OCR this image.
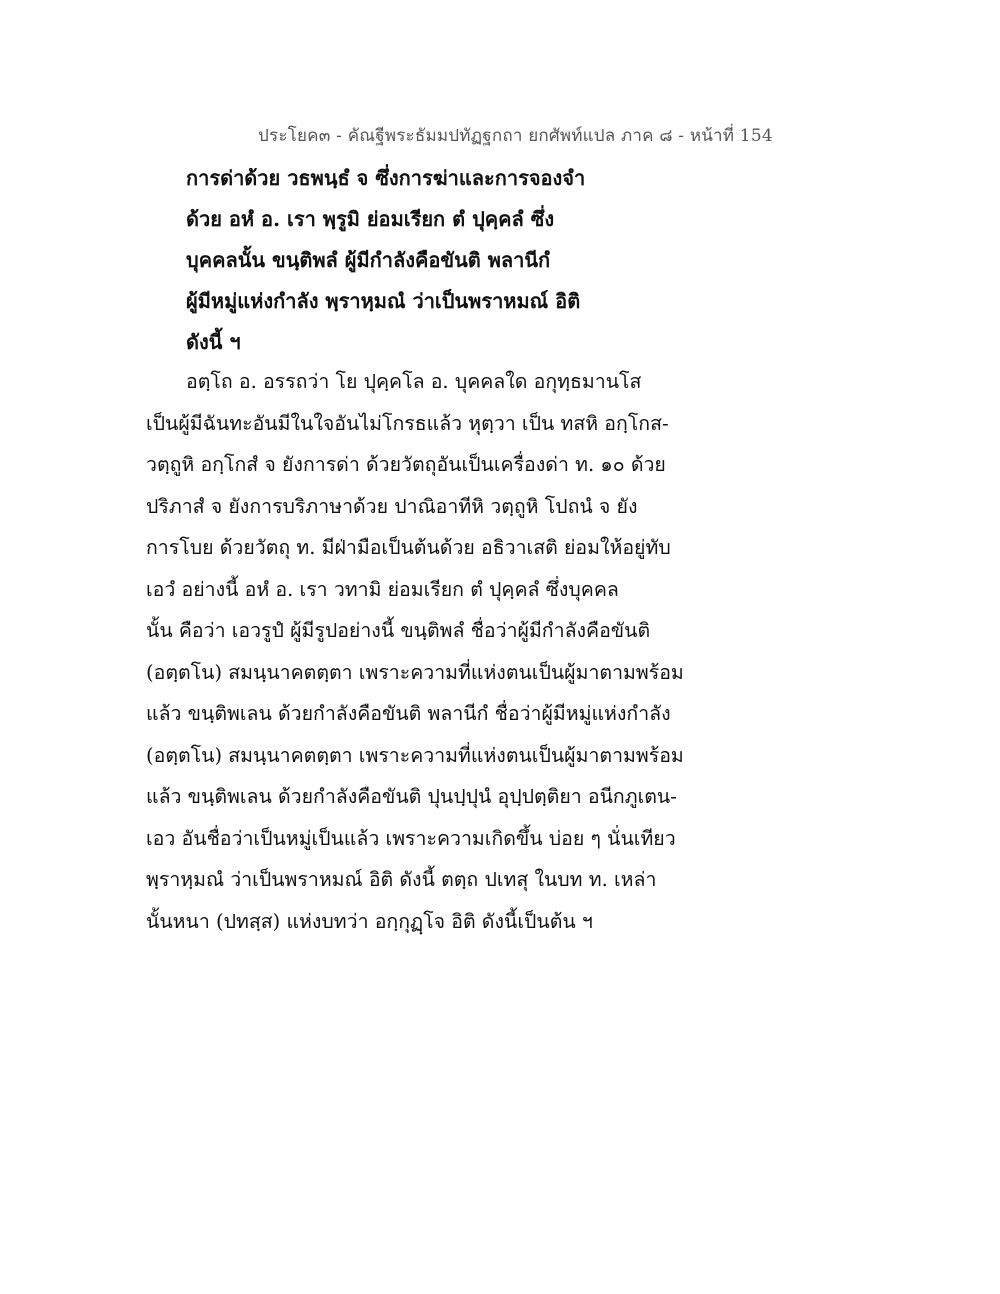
ประโยค๓ - คัณฐีพระธัมมปทัฏฐกถา ยกศัพท์แปล ภาค ๘ - หน้าที่ 154
การด่าด้วย วธพนฺธํ จ ซึ่งการฆ่าและการจองจำ
ด้วย อหํ อ. เรา พฺรูมิ ย่อมเรียก ตํ ปุคฺคลํ ซึ่ง
บุคคลนั้น ขนฺติพลํ ผู้มีกำลังคือขันติ พลานีกํ
ผู้มีหมู่แห่งกำลัง พฺราหฺมณํ ว่าเป็นพราหมณ์ อิติ
ดังนี้ ฯ
อตฺโถ อ. อรรถว่า โย ปุคฺคโล อ. บุคคลใด อกุทฺธมานโส
เป็นผู้มีฉันทะอันมีในใจอันไม่โกรธแล้ว หุตฺวา เป็น ทสหิ อกฺโกส-
วตฺถูหิ อกฺโกสํ จ ยังการด่า ด้วยวัตถุอันเป็นเครื่องด่า ท. ๑๐ ด้วย
ปริภาสํ จ ยังการบริภาษาด้วย ปาณิอาทีหิ วตฺถูหิ โปถนํ จ ยัง
การโบย ด้วยวัตถุ ท. มีฝ่ามือเป็นต้นด้วย อธิวาเสติ ย่อมให้อยู่ทับ
เอวํ อย่างนี้ อหํ อ. เรา วทามิ ย่อมเรียก ตํ ปุคฺคลํ ซึ่งบุคคล
นั้น คือว่า เอวรูปํ ผู้มีรูปอย่างนี้ ขนฺติพลํ ชื่อว่าผู้มีกำลังคือขันติ
(อตฺตโน) สมนฺนาคตตฺตา เพราะความที่แห่งตนเป็นผู้มาตามพร้อม
แล้ว ขนฺติพเลน ด้วยกำลังคือขันติ พลานีกํ ชื่อว่าผู้มีหมู่แห่งกำลัง
(อตฺตโน) สมนฺนาคตตฺตา เพราะความที่แห่งตนเป็นผู้มาตามพร้อม
แล้ว ขนฺติพเลน ด้วยกำลังคือขันติ ปุนปฺปุนํ อุปฺปตฺติยา อนีกภูเตน-
เอว อันชื่อว่าเป็นหมู่เป็นแล้ว เพราะความเกิดขึ้น บ่อย ๆ นั่นเทียว
พฺราหฺมณํ ว่าเป็นพราหมณ์ อิติ ดังนี้ ตตฺถ ปเทสุ ในบท ท. เหล่า
นั้นหนา (ปทสฺส) แห่งบทว่า อกฺกุฏฺโจ อิติ ดังนี้เป็นต้น ฯ
